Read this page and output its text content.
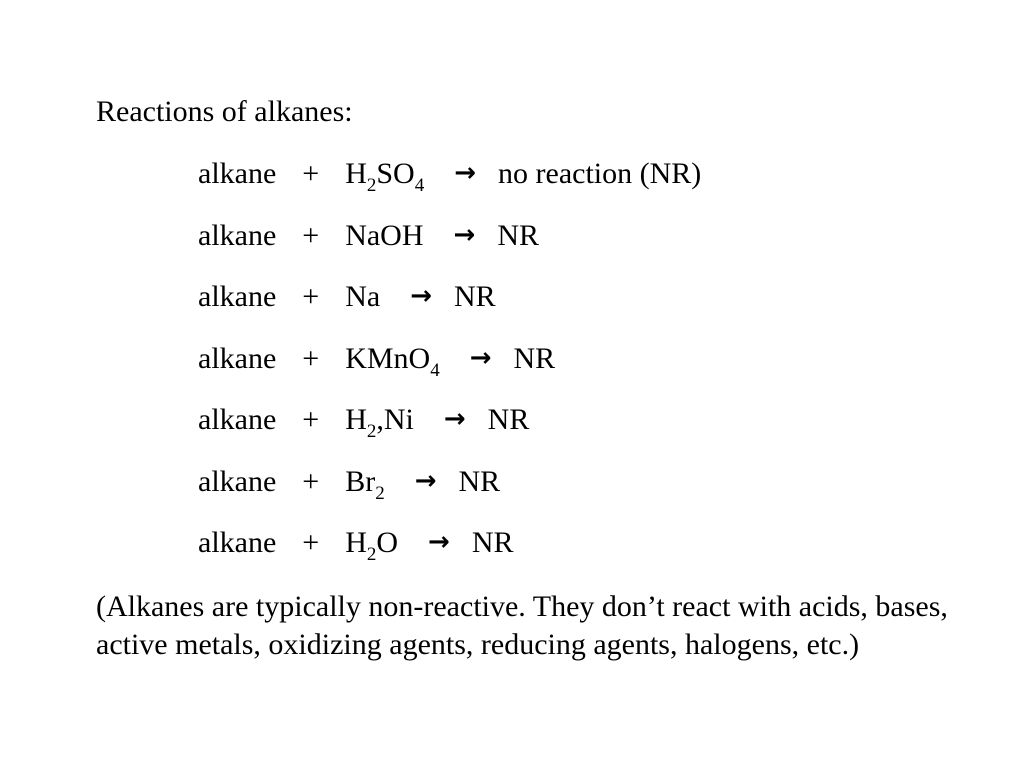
Reactions of alkanes:
alkane + $H_2SO_4$ → no reaction (NR)
alkane + NaOH → NR
alkane + Na → NR
alkane + KMnO$_4$ → NR
alkane + $H_2,Ni$ → NR
alkane + $Br_2$ → NR
alkane + $H_2O$ → NR
(Alkanes are typically non-reactive. They don’t react with acids, bases, active metals, oxidizing agents, reducing agents, halogens, etc.)
